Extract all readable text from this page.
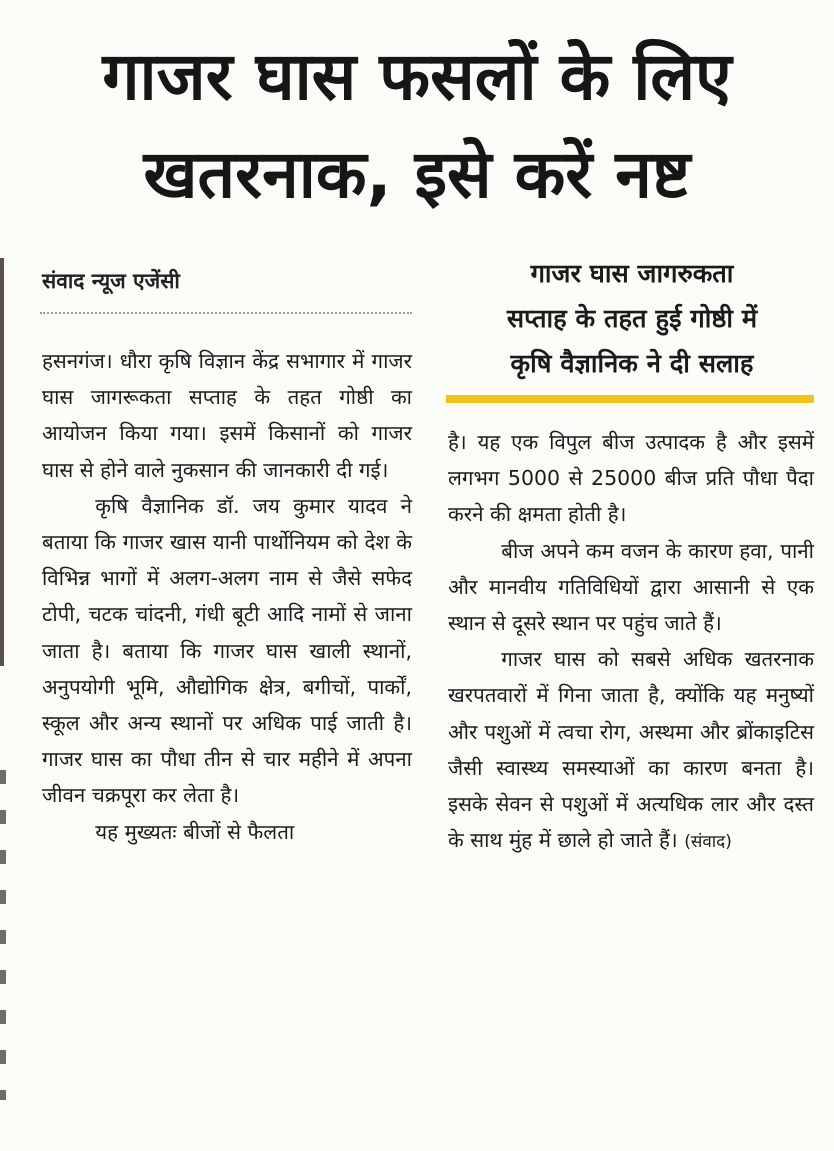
गाजर घास फसलों के लिए
खतरनाक, इसे करें नष्ट
संवाद न्यूज एजेंसी

हसनगंज। धौरा कृषि विज्ञान केंद्र सभागार में गाजर घास जागरूकता सप्ताह के तहत गोष्ठी का आयोजन किया गया। इसमें किसानों को गाजर घास से होने वाले नुकसान की जानकारी दी गई।

कृषि वैज्ञानिक डॉ. जय कुमार यादव ने बताया कि गाजर खास यानी पार्थोनियम को देश के विभिन्न भागों में अलग-अलग नाम से जैसे सफेद टोपी, चटक चांदनी, गंधी बूटी आदि नामों से जाना जाता है। बताया कि गाजर घास खाली स्थानों, अनुपयोगी भूमि, औद्योगिक क्षेत्र, बगीचों, पार्कों, स्कूल और अन्य स्थानों पर अधिक पाई जाती है। गाजर घास का पौधा तीन से चार महीने में अपना जीवन चक्रपूरा कर लेता है।

यह मुख्यतः बीजों से फैलता

गाजर घास जागरुकता
सप्ताह के तहत हुई गोष्ठी में
कृषि वैज्ञानिक ने दी सलाह

है। यह एक विपुल बीज उत्पादक है और इसमें लगभग 5000 से 25000 बीज प्रति पौधा पैदा करने की क्षमता होती है।

बीज अपने कम वजन के कारण हवा, पानी और मानवीय गतिविधियों द्वारा आसानी से एक स्थान से दूसरे स्थान पर पहुंच जाते हैं।

गाजर घास को सबसे अधिक खतरनाक खरपतवारों में गिना जाता है, क्योंकि यह मनुष्यों और पशुओं में त्वचा रोग, अस्थमा और ब्रोंकाइटिस जैसी स्वास्थ्य समस्याओं का कारण बनता है। इसके सेवन से पशुओं में अत्यधिक लार और दस्त के साथ मुंह में छाले हो जाते हैं। (संवाद)
